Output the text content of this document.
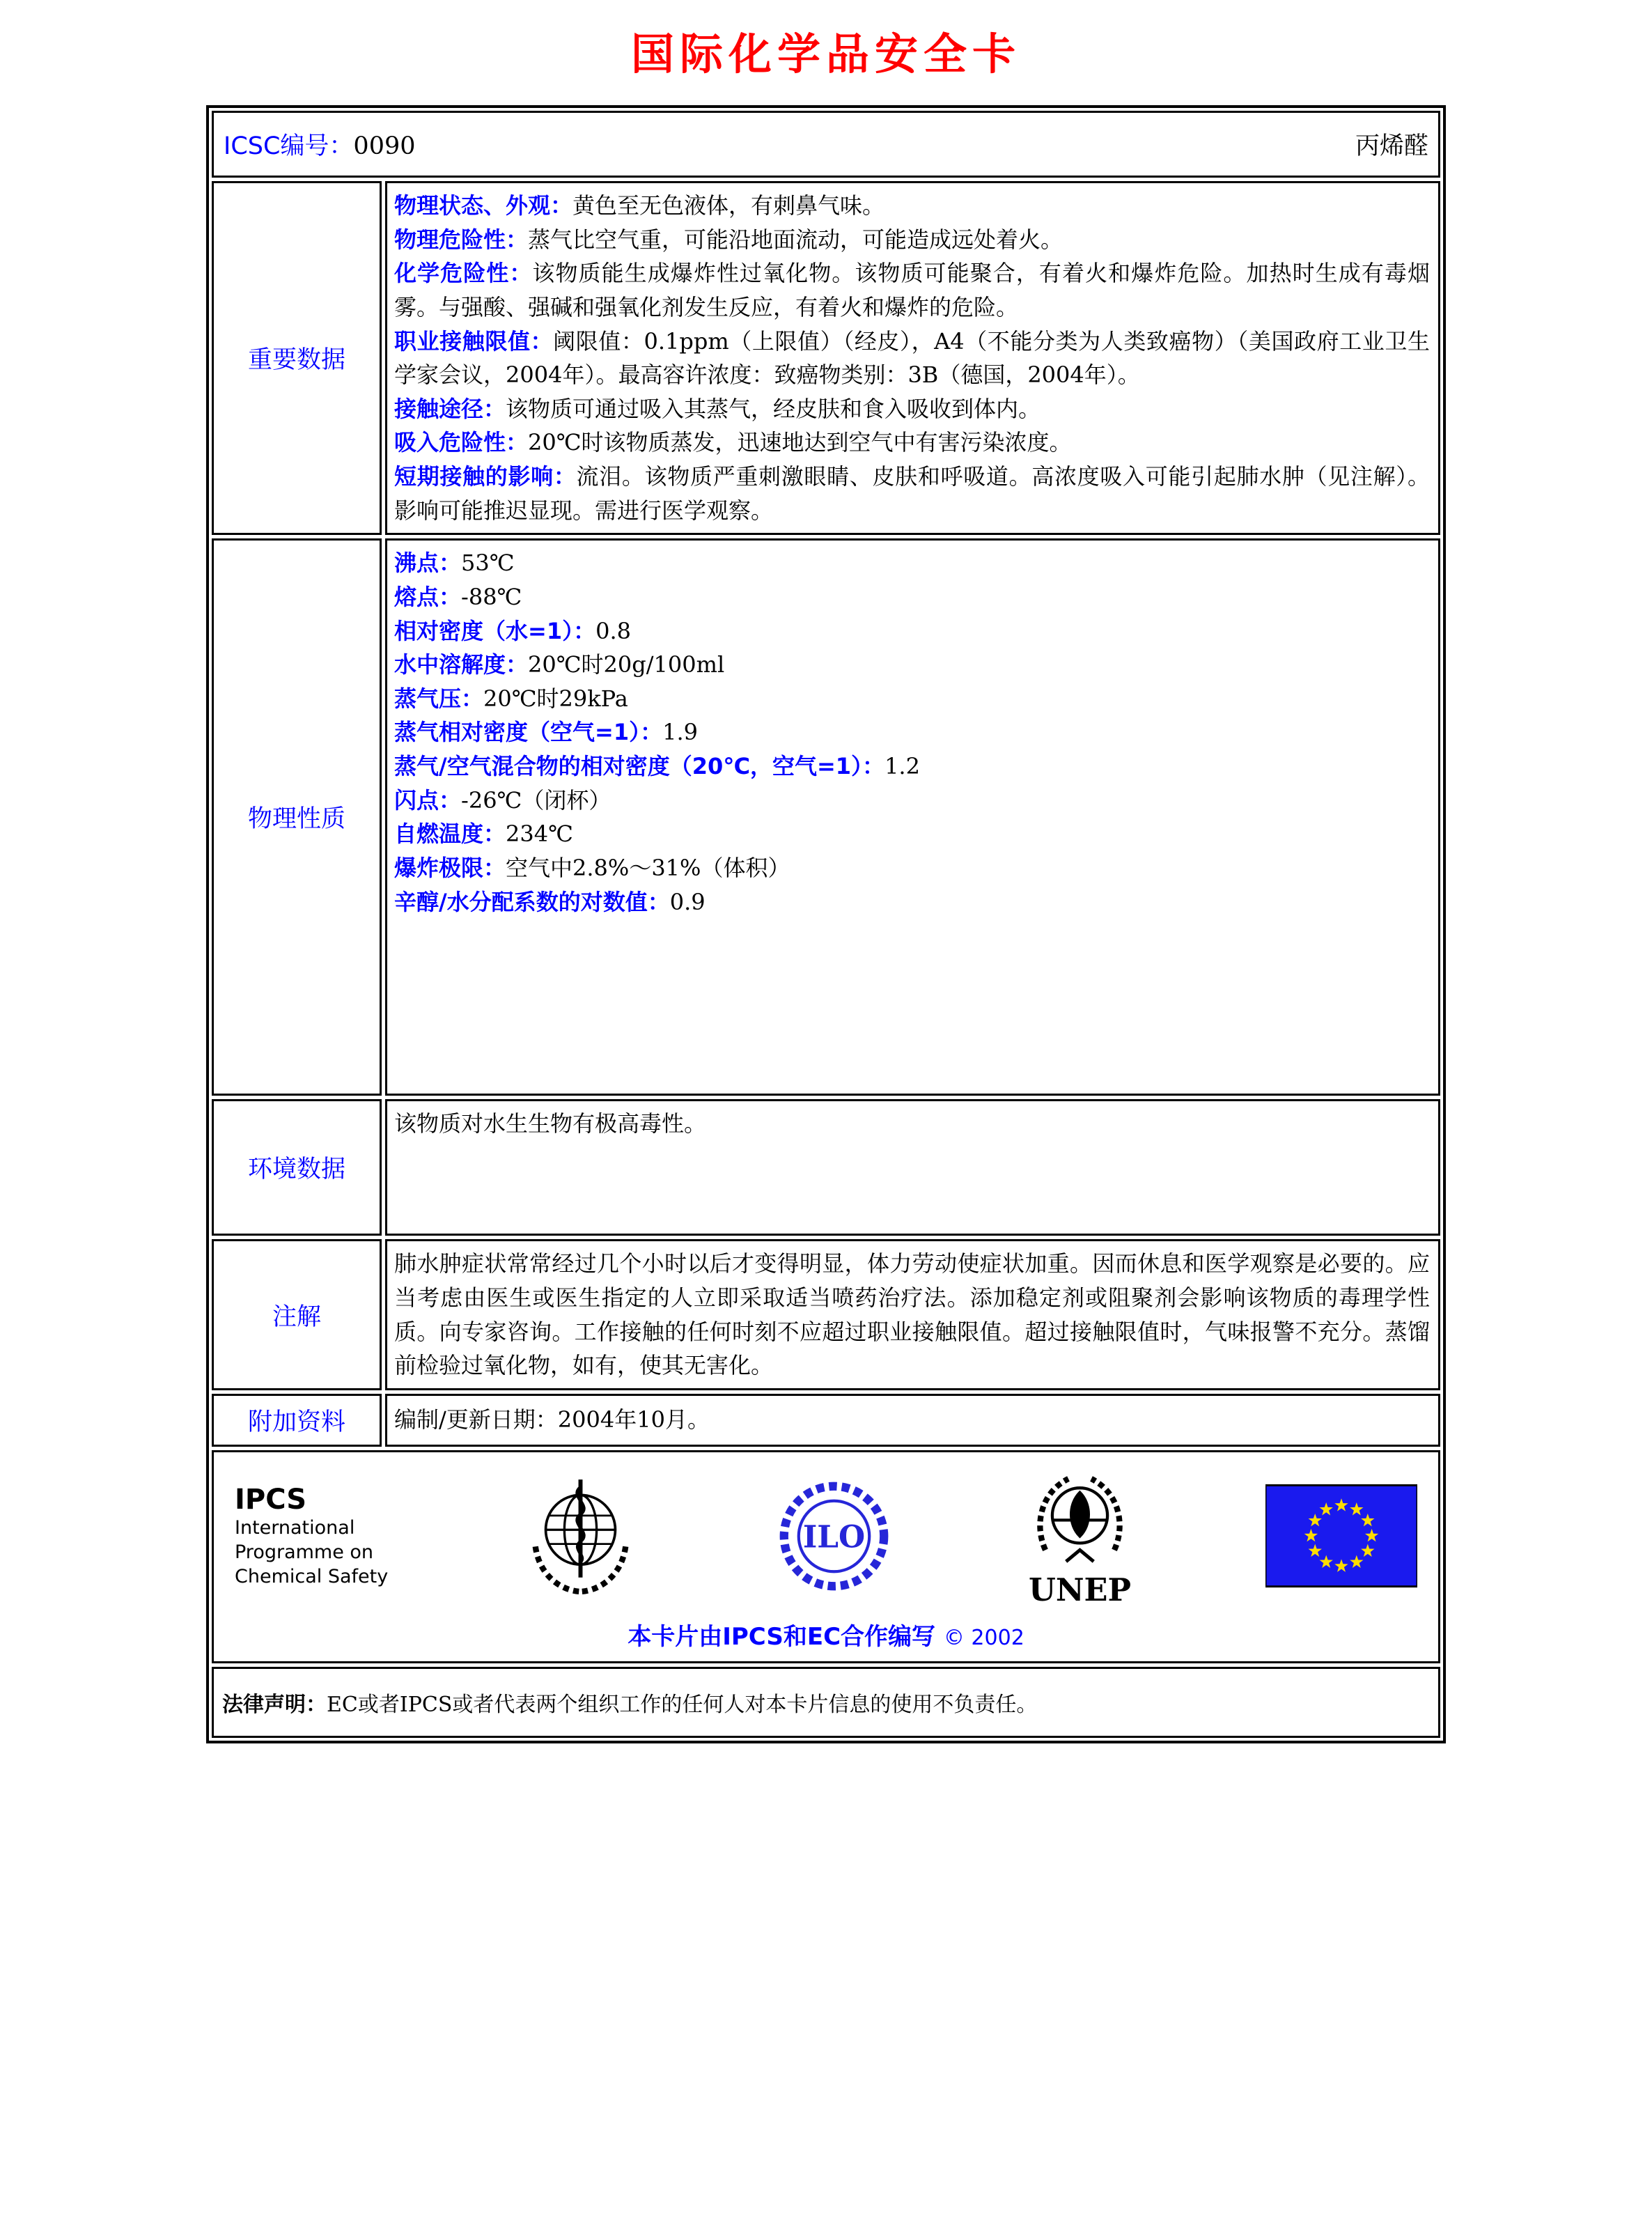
国际化学品安全卡
ICSC编号：0090	丙烯醛
重要数据
物理状态、外观：黄色至无色液体，有刺鼻气味。
物理危险性：蒸气比空气重，可能沿地面流动，可能造成远处着火。
化学危险性：该物质能生成爆炸性过氧化物。该物质可能聚合，有着火和爆炸危险。加热时生成有毒烟雾。与强酸、强碱和强氧化剂发生反应，有着火和爆炸的危险。
职业接触限值：阈限值：0.1ppm（上限值）（经皮），A4（不能分类为人类致癌物）（美国政府工业卫生学家会议，2004年）。最高容许浓度：致癌物类别：3B（德国，2004年）。
接触途径：该物质可通过吸入其蒸气，经皮肤和食入吸收到体内。
吸入危险性：20℃时该物质蒸发，迅速地达到空气中有害污染浓度。
短期接触的影响：流泪。该物质严重刺激眼睛、皮肤和呼吸道。高浓度吸入可能引起肺水肿（见注解）。影响可能推迟显现。需进行医学观察。
物理性质
沸点：53℃
熔点：-88℃
相对密度（水=1）：0.8
水中溶解度：20℃时20g/100ml
蒸气压：20℃时29kPa
蒸气相对密度（空气=1）：1.9
蒸气/空气混合物的相对密度（20℃，空气=1）：1.2
闪点：-26℃（闭杯）
自燃温度：234℃
爆炸极限：空气中2.8%～31%（体积）
辛醇/水分配系数的对数值：0.9
环境数据
该物质对水生生物有极高毒性。
注解
肺水肿症状常常经过几个小时以后才变得明显，体力劳动使症状加重。因而休息和医学观察是必要的。应当考虑由医生或医生指定的人立即采取适当喷药治疗法。添加稳定剂或阻聚剂会影响该物质的毒理学性质。向专家咨询。工作接触的任何时刻不应超过职业接触限值。超过接触限值时，气味报警不充分。蒸馏前检验过氧化物，如有，使其无害化。
附加资料 编制/更新日期：2004年10月。
IPCS
International
Programme on
Chemical Safety
ILO
UNEP
本卡片由IPCS和EC合作编写 © 2002
法律声明：EC或者IPCS或者代表两个组织工作的任何人对本卡片信息的使用不负责任。
